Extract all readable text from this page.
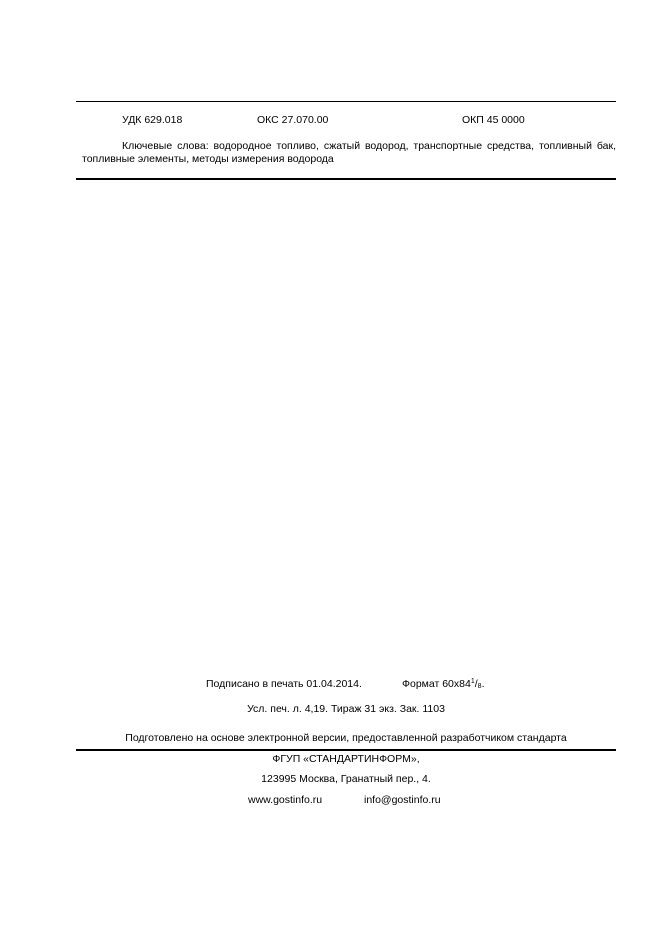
УДК 629.018	ОКС 27.070.00	ОКП 45 0000
Ключевые слова: водородное топливо, сжатый водород, транспортные средства, топливный бак, топливные элементы, методы измерения водорода
Подписано в печать 01.04.2014.	Формат $60x84^1/_8$.
Усл. печ. л. 4,19. Тираж 31 экз. Зак. 1103
Подготовлено на основе электронной версии, предоставленной разработчиком стандарта
ФГУП «СТАНДАРТИНФОРМ»,
123995 Москва, Гранатный пер., 4.
www.gostinfo.ru	info@gostinfo.ru
